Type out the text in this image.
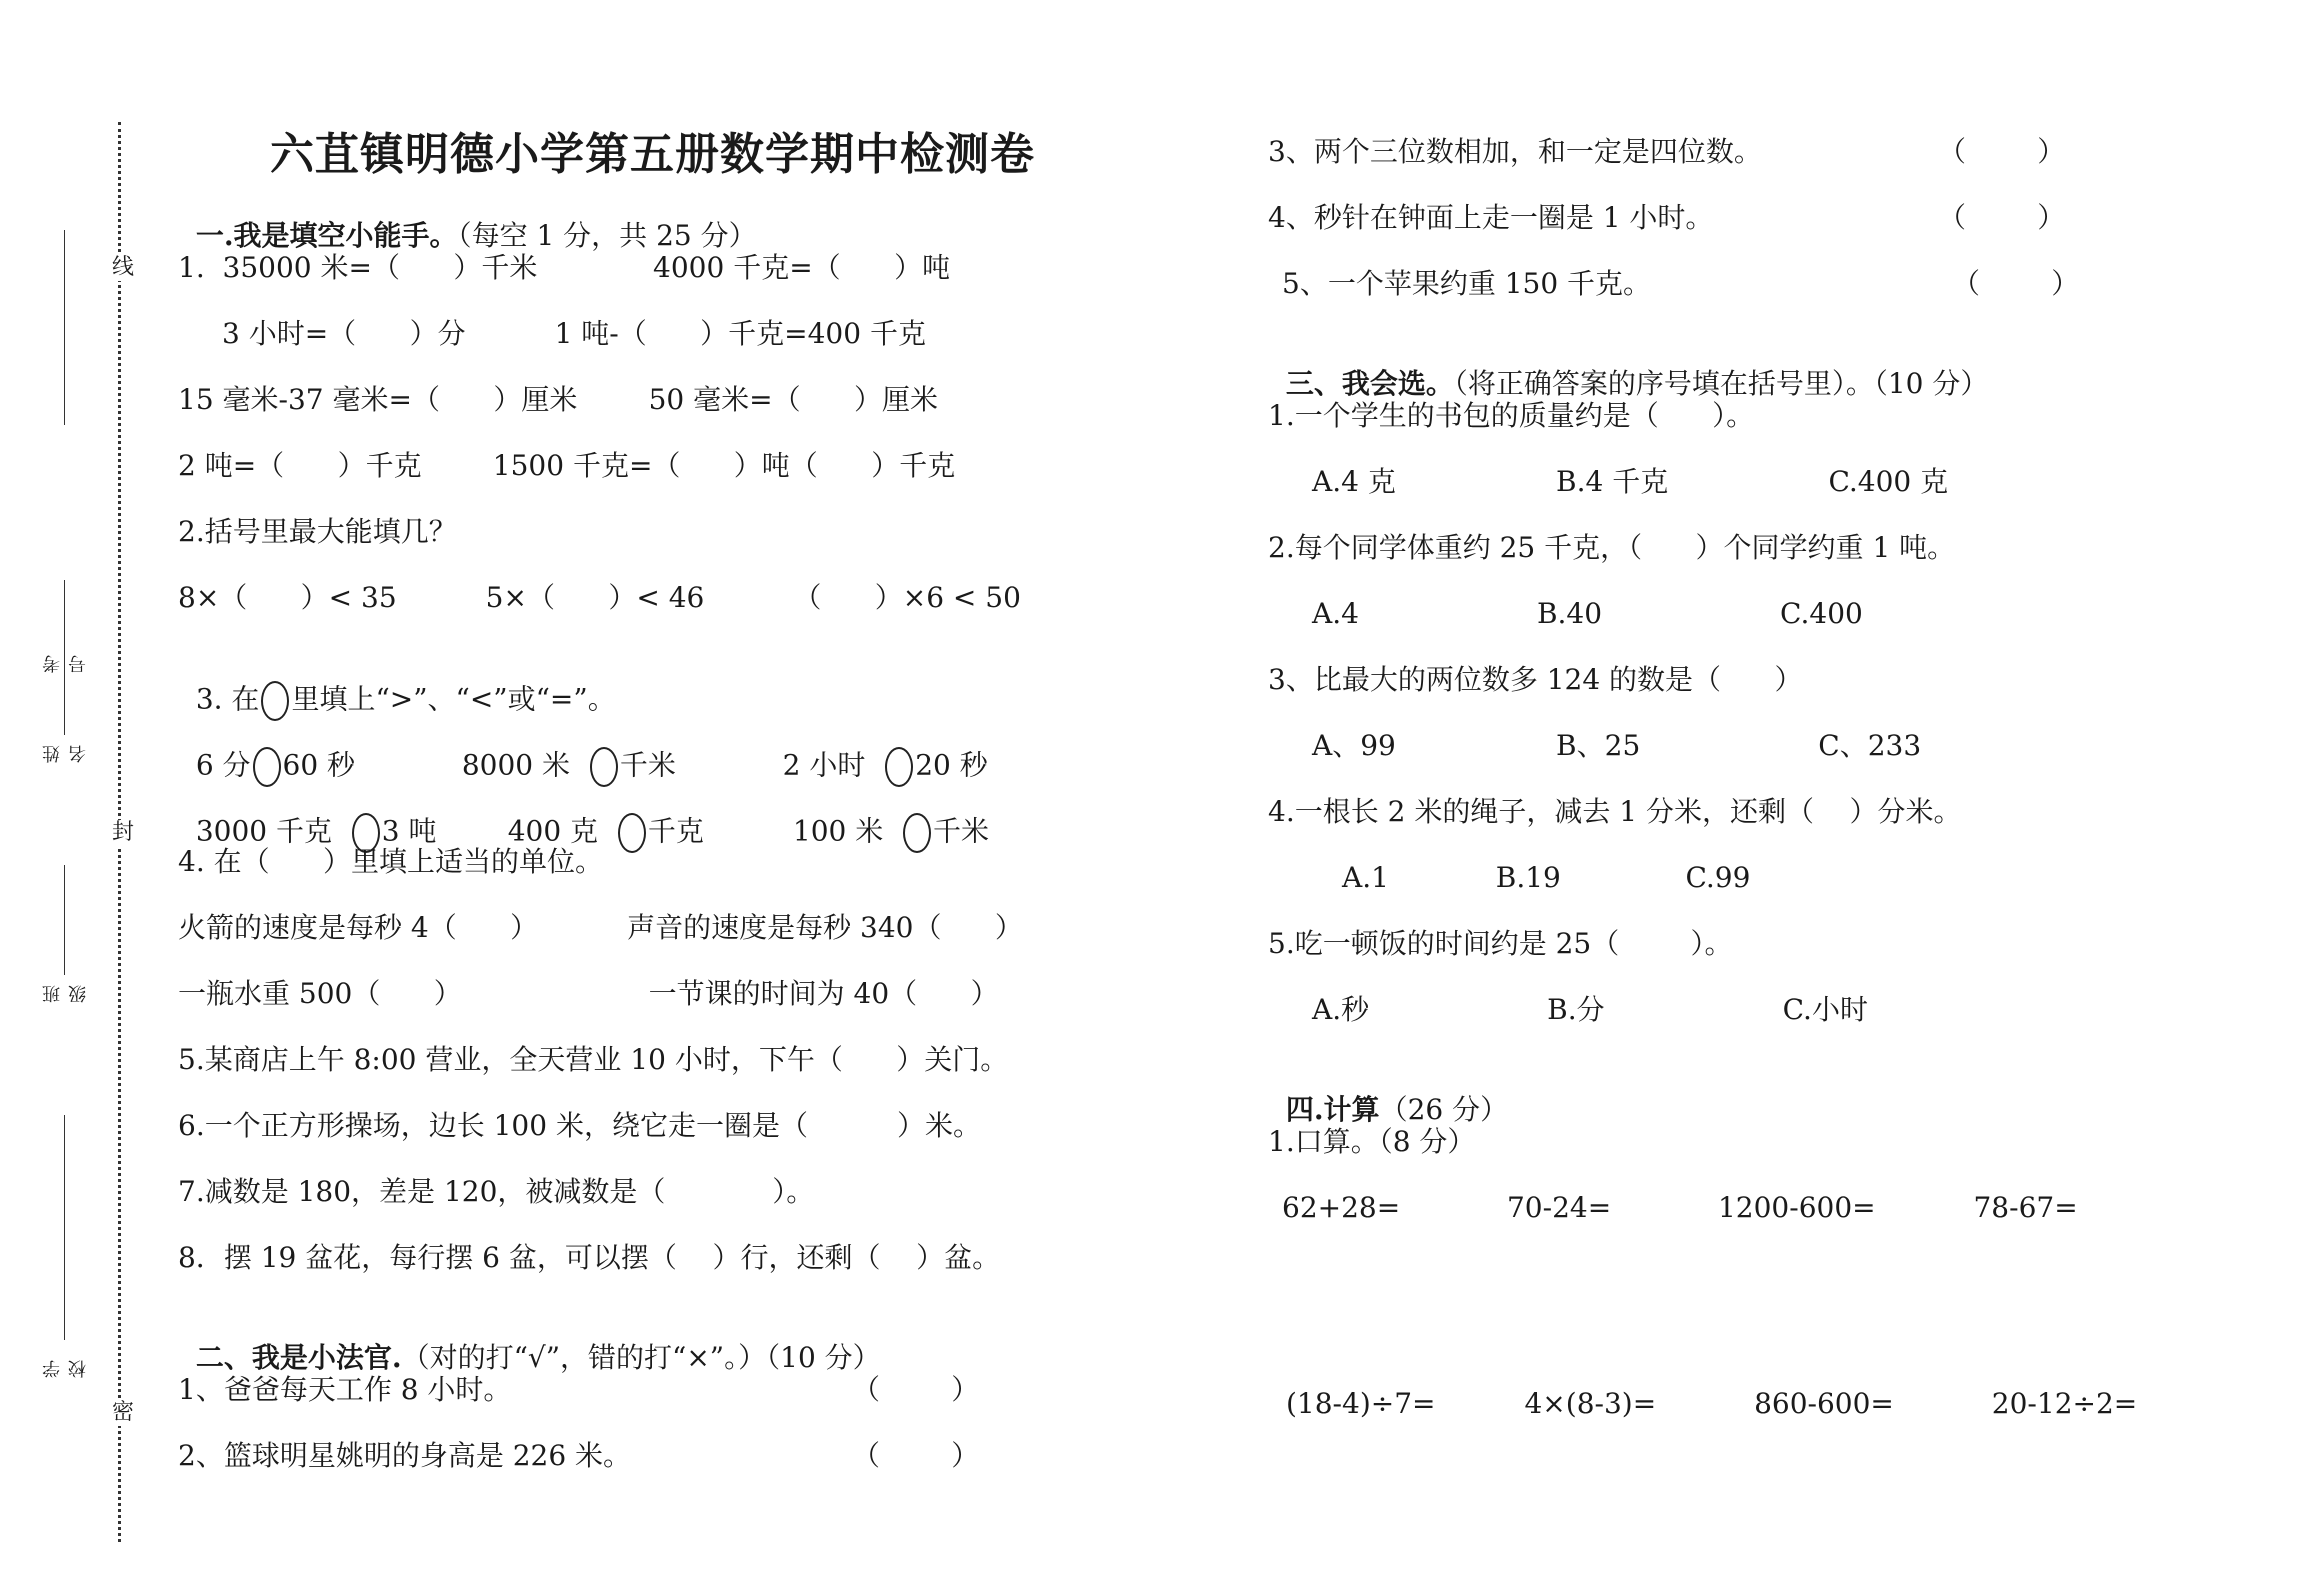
线
封
密
考号
姓名
班级
学校
六苴镇明德小学第五册数学期中检测卷

一.我是填空小能手。（每空 1 分，共 25 分）

1.  35000 米=（      ）千米             4000 千克=（      ）吨
3 小时=（      ）分          1 吨-（      ）千克=400 千克
15 毫米-37 毫米=（      ）厘米        50 毫米=（      ）厘米
2 吨=（      ）千克        1500 千克=（      ）吨（      ）千克
2.括号里最大能填几？
8×（      ）< 35          5×（      ）< 46          （      ）×6 < 50

3. 在 里填上“>”、“<”或“=”。

6 分 60 秒            8000 米 千米            2 小时 20 秒

3000 千克 3 吨        400 克 千克          100 米 千米

4. 在（      ）里填上适当的单位。
火箭的速度是每秒 4（      ）          声音的速度是每秒 340（      ）
一瓶水重 500（      ）                     一节课的时间为 40（      ）
5.某商店上午 8:00 营业，全天营业 10 小时，下午（      ）关门。
6.一个正方形操场，边长 100 米，绕它走一圈是（          ）米。
7.减数是 180，差是 120，被减数是（            ）。
8．摆 19 盆花，每行摆 6 盆，可以摆（    ）行，还剩（    ）盆。

二、我是小法官.（对的打“√”，错的打“×”。）（10 分）

1、爸爸每天工作 8 小时。	（        ）
2、篮球明星姚明的身高是 226 米。	（        ）
3、两个三位数相加，和一定是四位数。	（        ）
4、秒针在钟面上走一圈是 1 小时。	（        ）
5、一个苹果约重 150 千克。	（        ）

三、我会选。（将正确答案的序号填在括号里）。（10 分）

1.一个学生的书包的质量约是（      ）。
A.4 克                  B.4 千克                  C.400 克
2.每个同学体重约 25 千克，（      ）个同学约重 1 吨。
A.4                    B.40                    C.400
3、比最大的两位数多 124 的数是（      ）
A、99                  B、25                    C、233
4.一根长 2 米的绳子，减去 1 分米，还剩（    ）分米。
A.1            B.19              C.99
5.吃一顿饭的时间约是 25（        ）。
A.秒                    B.分                    C.小时

四.计算（26 分）

1.口算。（8 分）
62+28=            70-24=            1200-600=           78-67=
(18-4)÷7=          4×(8-3)=           860-600=           20-12÷2=
